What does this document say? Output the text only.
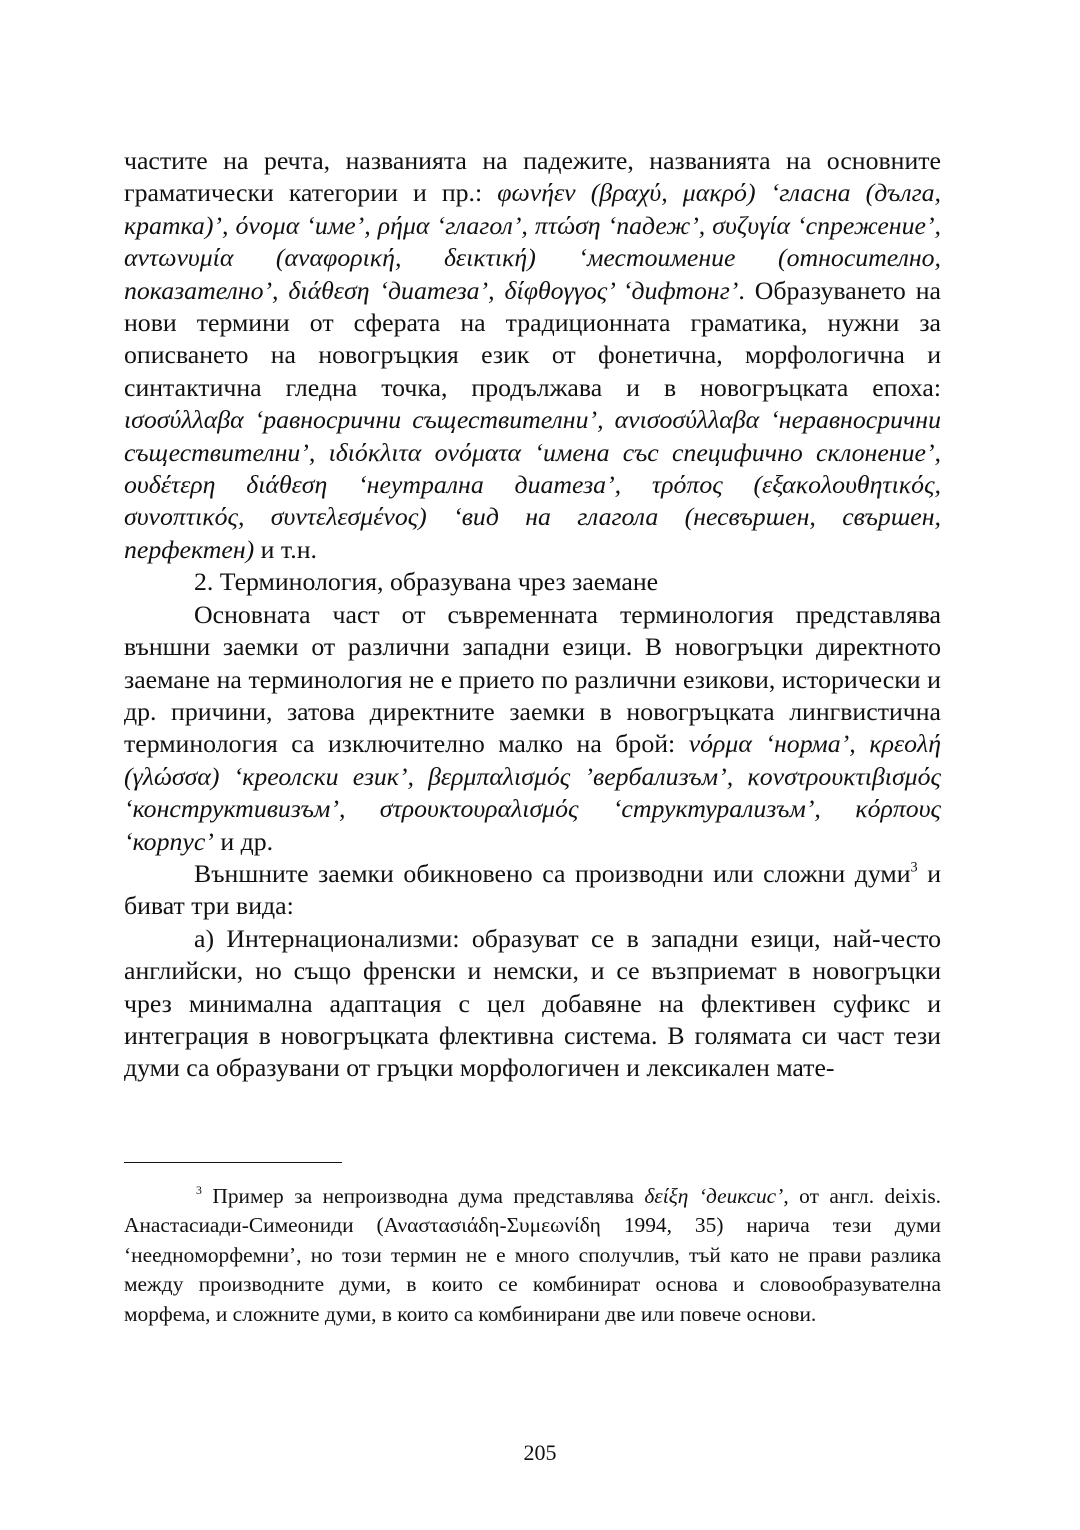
частите на речта, названията на падежите, названията на основните граматически категории и пр.: φωνήεν (βραχύ, μακρό) ‘гласна (дълга, кратка)’, όνομα ‘име’, ρήμα ‘глагол’, πτώση ‘падеж’, συζυγία ‘спрежение’, αντωνυμία (αναφορική, δεικτική) ‘местоимение (относително, показателно’, διάθεση ‘диатеза’, δίφθογγος’ ‘дифтонг’. Образуването на нови термини от сферата на традиционната граматика, нужни за описването на новогръцкия език от фонетична, морфологична и синтактична гледна точка, продължава и в новогръцката епоха: ισοσύλλαβα ‘равносрични съществителни’, ανισοσύλλαβα ‘неравносрични съществителни’, ιδιόκλιτα ονόματα ‘имена със специфично склонение’, ουδέτερη διάθεση ‘неутрална диатеза’, τρόπος (εξακολουθητικός, συνοπτικός, συντελεσμένος) ‘вид на глагола (несвършен, свършен, перфектен) и т.н.

2. Терминология, образувана чрез заемане

Основната част от съвременната терминология представлява външни заемки от различни западни езици. В новогръцки директното заемане на терминология не е прието по различни езикови, исторически и др. причини, затова директните заемки в новогръцката лингвистична терминология са изключително малко на брой: νόρμα ‘норма’, κρεολή (γλώσσα) ‘креолски език’, βερμπαλισμός ’вербализъм’, κονστρουκτιβισμός ‘конструктивизъм’, στρουκτουραλισμός ‘структурализъм’, κόρπους ‘корпус’ и др.

Външните заемки обикновено са производни или сложни думи$^3$ и биват три вида:

а) Интернационализми: образуват се в западни езици, най-често английски, но също френски и немски, и се възприемат в новогръцки чрез минимална адаптация с цел добавяне на флективен суфикс и интеграция в новогръцката флективна система. В голямата си част тези думи са образувани от гръцки морфологичен и лексикален мате-

$^3$ Пример за непроизводна дума представлява δείξη ‘деиксис’, от англ. deixis. Анастасиади-Симеониди (Αναστασιάδη-Συμεωνίδη 1994, 35) нарича тези думи ‘нееднoморфемни’, но този термин не е много сполучлив, тъй като не прави разлика между производните думи, в които се комбинират основа и словообразувателна морфема, и сложните думи, в които са комбинирани две или повече основи.

205
